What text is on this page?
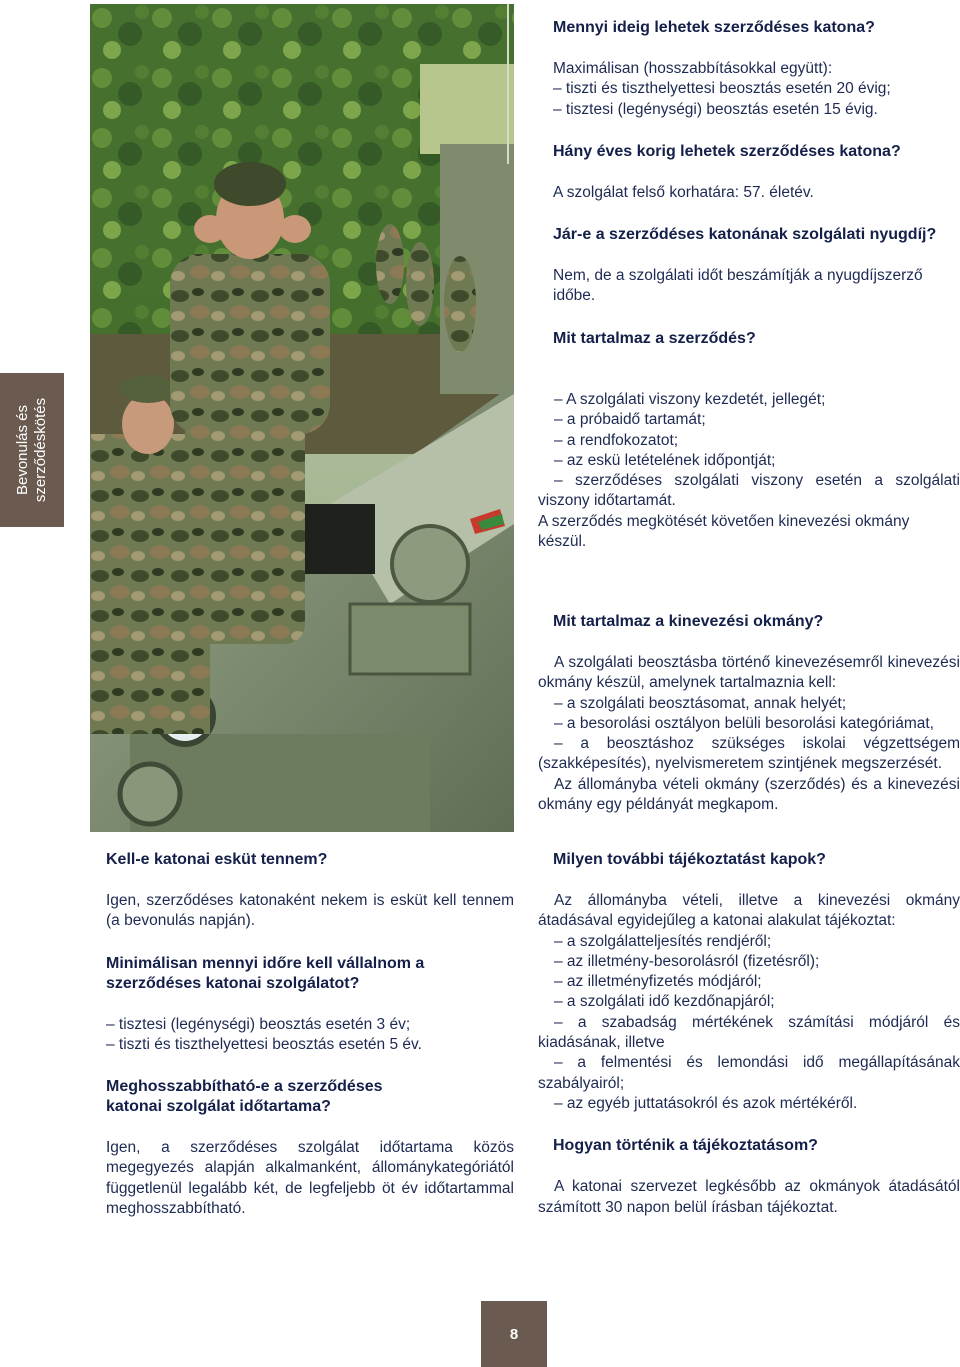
Bevonulás és szerződéskötés
Mennyi ideig lehetek szerződéses katona?

Maximálisan (hosszabbításokkal együtt):

– tiszti és tiszthelyettesi beosztás esetén 20 évig;

– tisztesi (legénységi) beosztás esetén 15 évig.

Hány éves korig lehetek szerződéses katona?

A szolgálat felső korhatára: 57. életév.

Jár-e a szerződéses katonának szolgálati nyugdíj?

Nem, de a szolgálati időt beszámítják a nyugdíjszerző időbe.

Mit tartalmaz a szerződés?

– A szolgálati viszony kezdetét, jellegét;

– a próbaidő tartamát;

– a rendfokozatot;

– az eskü letételének időpontját;

– szerződéses szolgálati viszony esetén a szolgálati viszony időtartamát.

A szerződés megkötését követően kinevezési okmány készül.

Mit tartalmaz a kinevezési okmány?

A szolgálati beosztásba történő kinevezésemről kinevezési okmány készül, amelynek tartalmaznia kell:

– a szolgálati beosztásomat, annak helyét;

– a besorolási osztályon belüli besorolási kategóriámat,

– a beosztáshoz szükséges iskolai végzettségem (szakképesítés), nyelvismeretem szintjének megszerzését.

Az állományba vételi okmány (szerződés) és a kinevezési okmány egy példányát megkapom.

Milyen további tájékoztatást kapok?

Az állományba vételi, illetve a kinevezési okmány átadásával egyidejűleg a katonai alakulat tájékoztat:

– a szolgálatteljesítés rendjéről;

– az illetmény-besorolásról (fizetésről);

– az illetményfizetés módjáról;

– a szolgálati idő kezdőnapjáról;

– a szabadság mértékének számítási módjáról és kiadásának, illetve

– a felmentési és lemondási idő megállapításának szabályairól;

– az egyéb juttatásokról és azok mértékéről.

Hogyan történik a tájékoztatásom?

A katonai szervezet legkésőbb az okmányok átadásától számított 30 napon belül írásban tájékoztat.

Kell-e katonai esküt tennem?

Igen, szerződéses katonaként nekem is esküt kell tennem (a bevonulás napján).

Minimálisan mennyi időre kell vállalnom a szerződéses katonai szolgálatot?

– tisztesi (legénységi) beosztás esetén 3 év;

– tiszti és tiszthelyettesi beosztás esetén 5 év.

Meghosszabbítható-e a szerződéses katonai szolgálat időtartama?

Igen, a szerződéses szolgálat időtartama közös megegyezés alapján alkalmanként, állománykategóriától függetlenül legalább két, de legfeljebb öt év időtartammal meghosszabbítható.

8
